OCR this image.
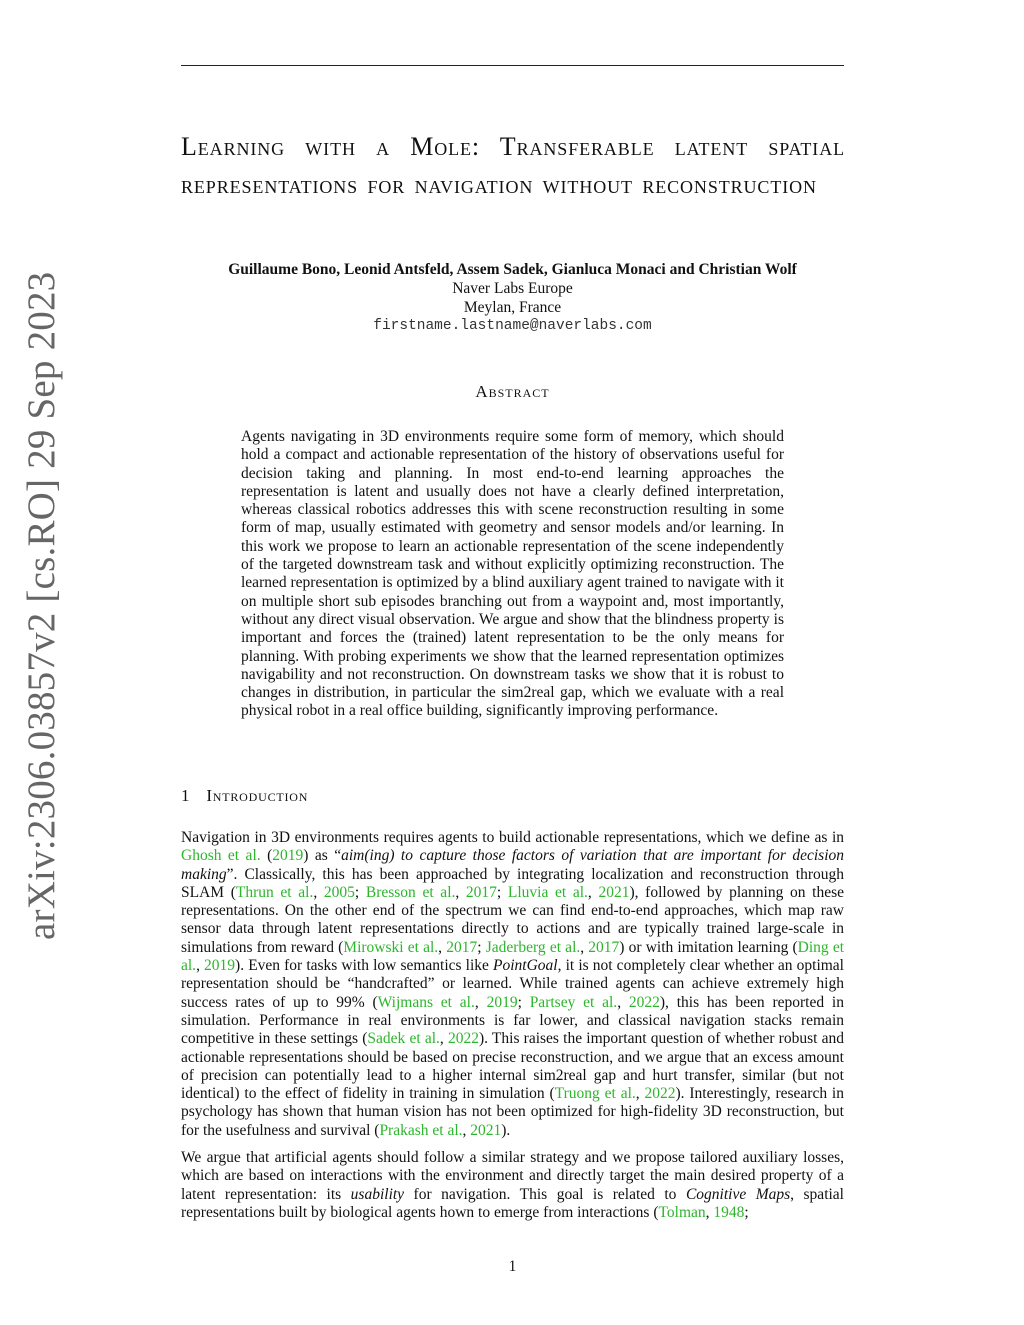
arXiv:2306.03857v2 [cs.RO] 29 Sep 2023
Learning with a Mole: Transferable latent spatial representations for navigation without reconstruction
Guillaume Bono, Leonid Antsfeld, Assem Sadek, Gianluca Monaci and Christian Wolf
Naver Labs Europe
Meylan, France
firstname.lastname@naverlabs.com
Abstract
Agents navigating in 3D environments require some form of memory, which should hold a compact and actionable representation of the history of observations useful for decision taking and planning. In most end-to-end learning approaches the representation is latent and usually does not have a clearly defined interpretation, whereas classical robotics addresses this with scene reconstruction resulting in some form of map, usually estimated with geometry and sensor models and/or learning. In this work we propose to learn an actionable representation of the scene independently of the targeted downstream task and without explicitly optimizing reconstruction. The learned representation is optimized by a blind auxiliary agent trained to navigate with it on multiple short sub episodes branching out from a waypoint and, most importantly, without any direct visual observation. We argue and show that the blindness property is important and forces the (trained) latent representation to be the only means for planning. With probing experiments we show that the learned representation optimizes navigability and not reconstruction. On downstream tasks we show that it is robust to changes in distribution, in particular the sim2real gap, which we evaluate with a real physical robot in a real office building, significantly improving performance.
1 Introduction

Navigation in 3D environments requires agents to build actionable representations, which we define as in Ghosh et al. (2019) as “aim(ing) to capture those factors of variation that are important for decision making”. Classically, this has been approached by integrating localization and reconstruction through SLAM (Thrun et al., 2005; Bresson et al., 2017; Lluvia et al., 2021), followed by planning on these representations. On the other end of the spectrum we can find end-to-end approaches, which map raw sensor data through latent representations directly to actions and are typically trained large-scale in simulations from reward (Mirowski et al., 2017; Jaderberg et al., 2017) or with imitation learning (Ding et al., 2019). Even for tasks with low semantics like PointGoal, it is not completely clear whether an optimal representation should be “handcrafted” or learned. While trained agents can achieve extremely high success rates of up to 99% (Wijmans et al., 2019; Partsey et al., 2022), this has been reported in simulation. Performance in real environments is far lower, and classical navigation stacks remain competitive in these settings (Sadek et al., 2022). This raises the important question of whether robust and actionable representations should be based on precise reconstruction, and we argue that an excess amount of precision can potentially lead to a higher internal sim2real gap and hurt transfer, similar (but not identical) to the effect of fidelity in training in simulation (Truong et al., 2022). Interestingly, research in psychology has shown that human vision has not been optimized for high-fidelity 3D reconstruction, but for the usefulness and survival (Prakash et al., 2021).

We argue that artificial agents should follow a similar strategy and we propose tailored auxiliary losses, which are based on interactions with the environment and directly target the main desired property of a latent representation: its usability for navigation. This goal is related to Cognitive Maps, spatial representations built by biological agents hown to emerge from interactions (Tolman, 1948;

1
